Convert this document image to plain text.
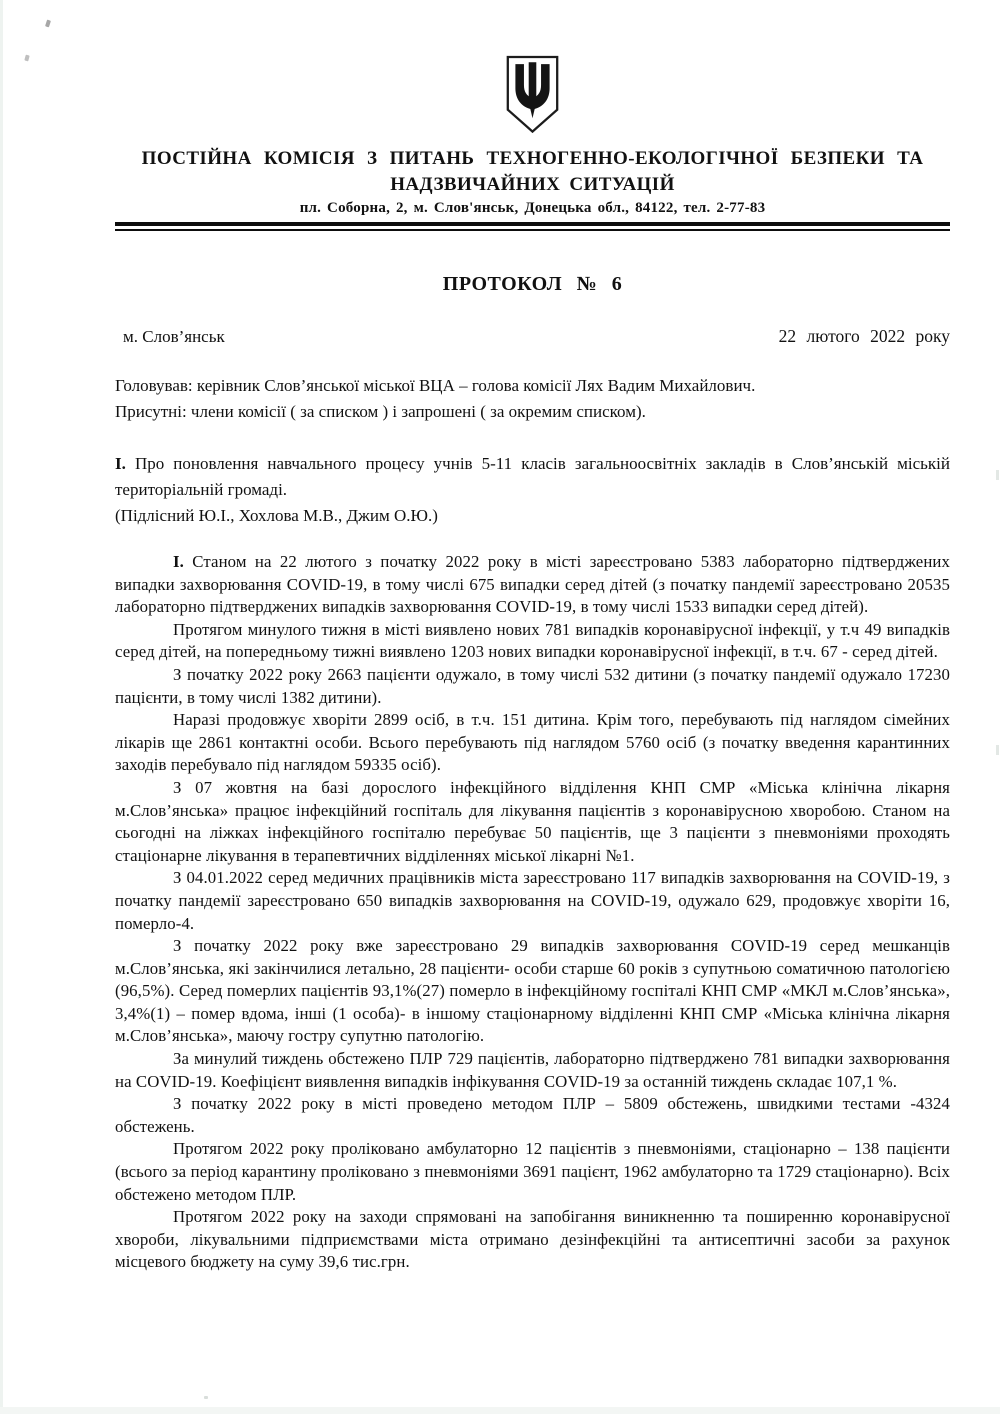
ПОСТІЙНА КОМІСІЯ З ПИТАНЬ ТЕХНОГЕННО-ЕКОЛОГІЧНОЇ БЕЗПЕКИ ТА
НАДЗВИЧАЙНИХ СИТУАЦІЙ
пл. Соборна, 2, м. Слов'янськ, Донецька обл., 84122, тел. 2-77-83
ПРОТОКОЛ № 6
м. Слов’янськ	22 лютого 2022 року

Головував: керівник Слов’янської міської ВЦА – голова комісії Лях Вадим Михайлович.

Присутні: члени комісії ( за списком ) і запрошені ( за окремим списком).

І. Про поновлення навчального процесу учнів 5-11 класів загальноосвітніх закладів в Слов’янській міській територіальній громаді.

(Підлісний Ю.І., Хохлова М.В., Джим О.Ю.)

І. Станом на 22 лютого з початку 2022 року в місті зареєстровано 5383 лабораторно підтверджених випадки захворювання COVID-19, в тому числі 675 випадки серед дітей (з початку пандемії зареєстровано 20535 лабораторно підтверджених випадків захворювання COVID-19, в тому числі 1533 випадки серед дітей).

Протягом минулого тижня в місті виявлено нових 781 випадків коронавірусної інфекції, у т.ч 49 випадків серед дітей, на попередньому тижні виявлено 1203 нових випадки коронавірусної інфекції, в т.ч. 67 - серед дітей.

З початку 2022 року 2663 пацієнти одужало, в тому числі 532 дитини (з початку пандемії одужало 17230 пацієнти, в тому числі 1382 дитини).

Наразі продовжує хворіти 2899 осіб, в т.ч. 151 дитина. Крім того, перебувають під наглядом сімейних лікарів ще 2861 контактні особи. Всього перебувають під наглядом 5760 осіб (з початку введення карантинних заходів перебувало під наглядом 59335 осіб).

З 07 жовтня на базі дорослого інфекційного відділення КНП СМР «Міська клінічна лікарня м.Слов’янська» працює інфекційний госпіталь для лікування пацієнтів з коронавірусною хворобою. Станом на сьогодні на ліжках інфекційного госпіталю перебуває 50 пацієнтів, ще 3 пацієнти з пневмоніями проходять стаціонарне лікування в терапевтичних відділеннях міської лікарні №1.

З 04.01.2022 серед медичних працівників міста зареєстровано 117 випадків захворювання на COVID-19, з початку пандемії зареєстровано 650 випадків захворювання на COVID-19, одужало 629, продовжує хворіти 16, померло-4.

З початку 2022 року вже зареєстровано 29 випадків захворювання COVID-19 серед мешканців м.Слов’янська, які закінчилися летально, 28 пацієнти- особи старше 60 років з супутньою соматичною патологією (96,5%). Серед померлих пацієнтів 93,1%(27) померло в інфекційному госпіталі КНП СМР «МКЛ м.Слов’янська», 3,4%(1) – помер вдома, інші (1 особа)- в іншому стаціонарному відділенні КНП СМР «Міська клінічна лікарня м.Слов’янська», маючу гостру супутню патологію.

За минулий тиждень обстежено ПЛР 729 пацієнтів, лабораторно підтверджено 781 випадки захворювання на COVID-19. Коефіцієнт виявлення випадків інфікування COVID-19 за останній тиждень складає 107,1 %.

З початку 2022 року в місті проведено методом ПЛР – 5809 обстежень, швидкими тестами -4324 обстежень.

Протягом 2022 року проліковано амбулаторно 12 пацієнтів з пневмоніями, стаціонарно – 138 пацієнти (всього за період карантину проліковано з пневмоніями 3691 пацієнт, 1962 амбулаторно та 1729 стаціонарно). Всіх обстежено методом ПЛР.

Протягом 2022 року на заходи спрямовані на запобігання виникненню та поширенню коронавірусної хвороби, лікувальними підприємствами міста отримано дезінфекційні та антисептичні засоби за рахунок місцевого бюджету на суму 39,6 тис.грн.
